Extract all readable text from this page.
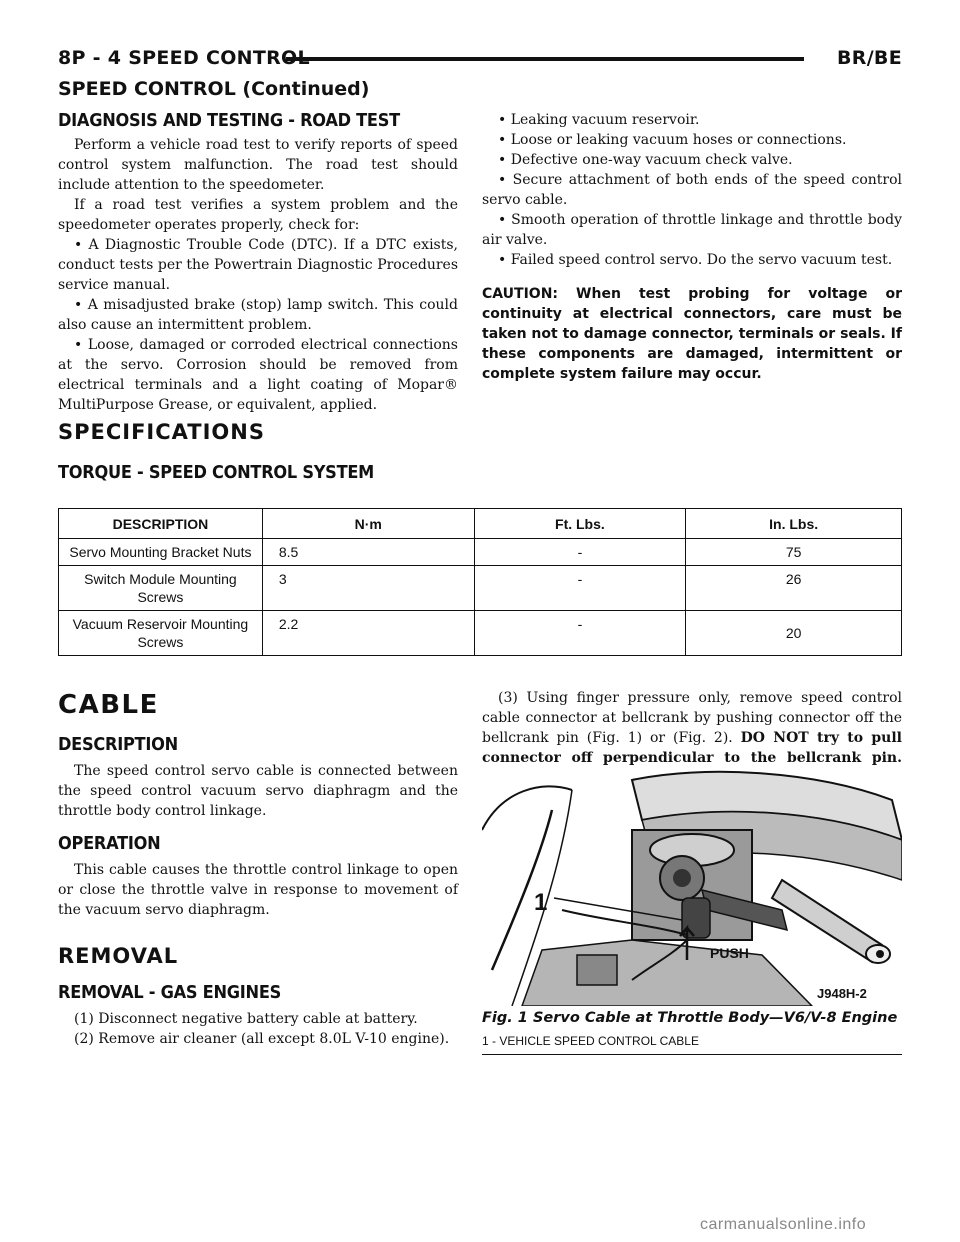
8P - 4 SPEED CONTROL	BR/BE
SPEED CONTROL (Continued)
DIAGNOSIS AND TESTING - ROAD TEST

Perform a vehicle road test to verify reports of speed control system malfunction. The road test should include attention to the speedometer.

If a road test verifies a system problem and the speedometer operates properly, check for:

• A Diagnostic Trouble Code (DTC). If a DTC exists, conduct tests per the Powertrain Diagnostic Procedures service manual.
• A misadjusted brake (stop) lamp switch. This could also cause an intermittent problem.
• Loose, damaged or corroded electrical connections at the servo. Corrosion should be removed from electrical terminals and a light coating of Mopar® MultiPurpose Grease, or equivalent, applied.
• Leaking vacuum reservoir.
• Loose or leaking vacuum hoses or connections.
• Defective one-way vacuum check valve.
• Secure attachment of both ends of the speed control servo cable.
• Smooth operation of throttle linkage and throttle body air valve.
• Failed speed control servo. Do the servo vacuum test.
CAUTION: When test probing for voltage or continuity at electrical connectors, care must be taken not to damage connector, terminals or seals. If these components are damaged, intermittent or complete system failure may occur.
SPECIFICATIONS
TORQUE - SPEED CONTROL SYSTEM
DESCRIPTION	N·m	Ft. Lbs.	In. Lbs.
Servo Mounting Bracket Nuts	8.5	-	75
Switch Module Mounting Screws	3	-	26
Vacuum Reservoir Mounting Screws	2.2	-	20
CABLE
DESCRIPTION

The speed control servo cable is connected between the speed control vacuum servo diaphragm and the throttle body control linkage.

OPERATION

This cable causes the throttle control linkage to open or close the throttle valve in response to movement of the vacuum servo diaphragm.

REMOVAL
REMOVAL - GAS ENGINES

(1) Disconnect negative battery cable at battery.

(2) Remove air cleaner (all except 8.0L V-10 engine).

(3) Using finger pressure only, remove speed control cable connector at bellcrank by pushing connector off the bellcrank pin (Fig. 1) or (Fig. 2). DO NOT try to pull connector off perpendicular to the bellcrank pin.

1
PUSH
J948H-2
Fig. 1 Servo Cable at Throttle Body—V6/V-8 Engine
1 - VEHICLE SPEED CONTROL CABLE
carmanualsonline.info
